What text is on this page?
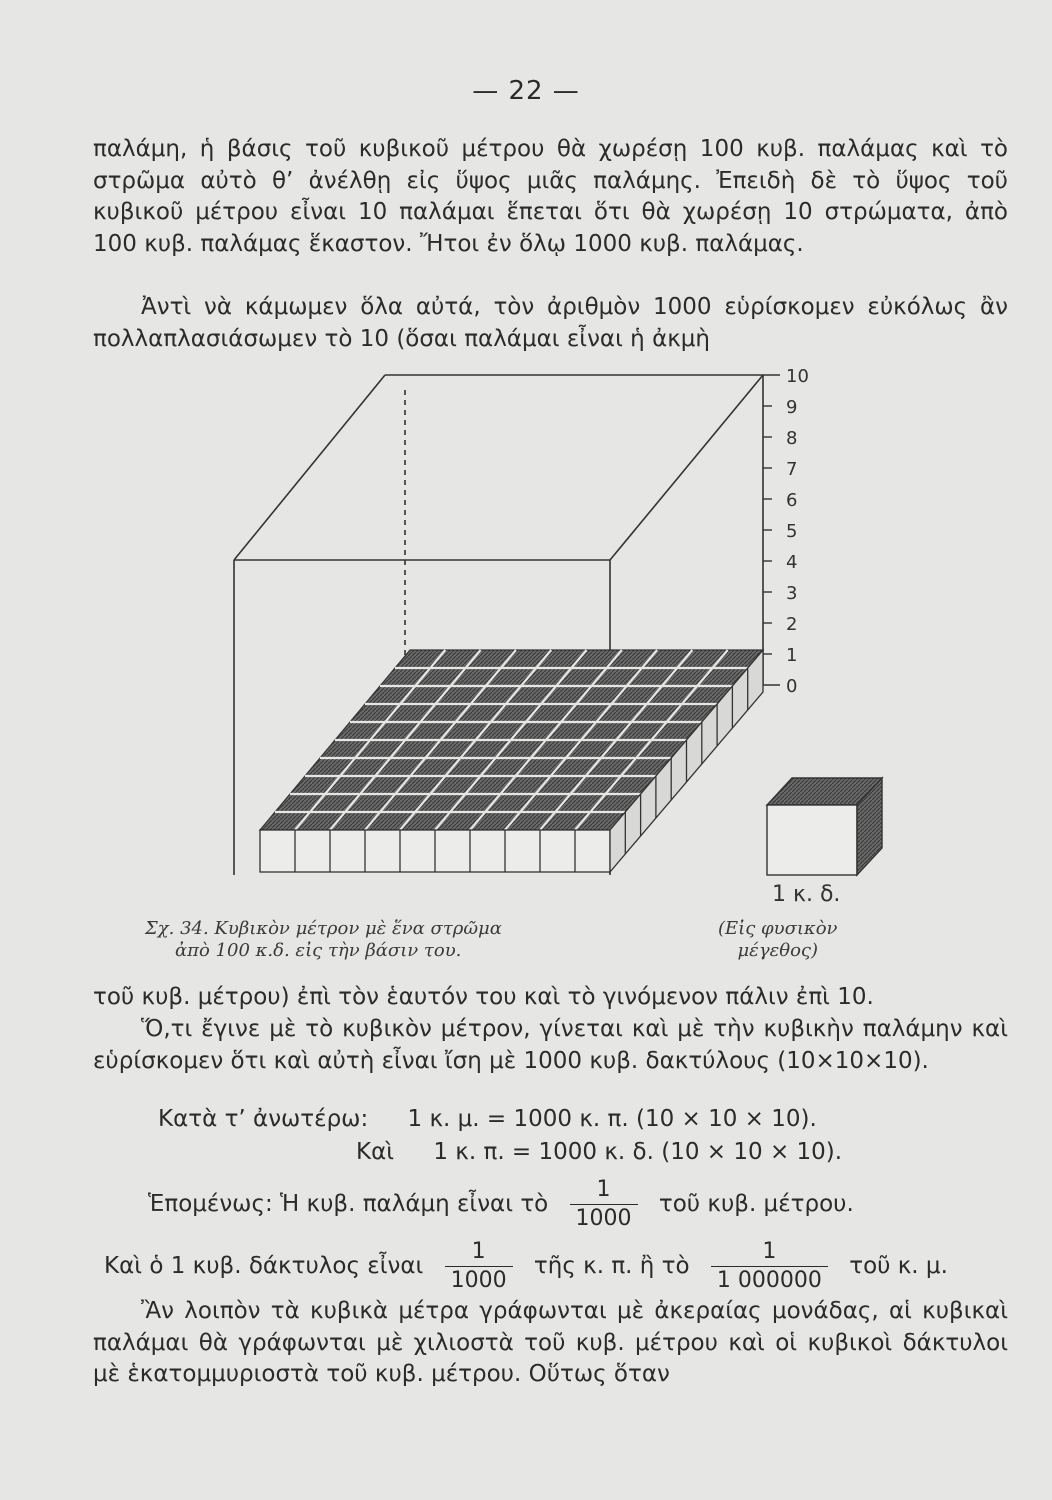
— 22 —

παλάμη, ἡ βάσις τοῦ κυβικοῦ μέτρου θὰ χωρέσῃ 100 κυβ. παλάμας καὶ τὸ στρῶμα αὐτὸ θ’ ἀνέλθῃ εἰς ὕψος μιᾶς παλάμης. Ἐπειδὴ δὲ τὸ ὕψος τοῦ κυβικοῦ μέτρου εἶναι 10 παλάμαι ἕπεται ὅτι θὰ χωρέσῃ 10 στρώματα, ἀπὸ 100 κυβ. παλάμας ἕκαστον. Ἤτοι ἐν ὅλῳ 1000 κυβ. παλάμας.

Ἀντὶ νὰ κάμωμεν ὅλα αὐτά, τὸν ἀριθμὸν 1000 εὑρίσκομεν εὐκόλως ἂν πολλαπλασιάσωμεν τὸ 10 (ὅσαι παλάμαι εἶναι ἡ ἀκμὴ

10
9
8
7
6
5
4
3
2
1
0
1 κ. δ.
Σχ. 34. Κυβικὸν μέτρον μὲ ἕνα στρῶμα
ἀπὸ 100 κ.δ. εἰς τὴν βάσιν του.
(Εἰς φυσικὸν
μέγεθος)

τοῦ κυβ. μέτρου) ἐπὶ τὸν ἑαυτόν του καὶ τὸ γινόμενον πάλιν ἐπὶ 10.

Ὅ,τι ἔγινε μὲ τὸ κυβικὸν μέτρον, γίνεται καὶ μὲ τὴν κυβικὴν παλάμην καὶ εὑρίσκομεν ὅτι καὶ αὐτὴ εἶναι ἴση μὲ 1000 κυβ. δακτύλους (10×10×10).

Κατὰ τ’ ἀνωτέρω: 1 κ. μ. = 1000 κ. π. (10 × 10 × 10).
Καὶ 1 κ. π. = 1000 κ. δ. (10 × 10 × 10).
Ἑπομένως: Ἡ κυβ. παλάμη εἶναι τὸ $\frac{1}{1000}$ τοῦ κυβ. μέτρου.
Καὶ ὁ 1 κυβ. δάκτυλος εἶναι $\frac{1}{1000}$ τῆς κ. π. ἢ τὸ $\frac{1}{1 000000}$ τοῦ κ. μ.

Ἂν λοιπὸν τὰ κυβικὰ μέτρα γράφωνται μὲ ἀκεραίας μονάδας, αἱ κυβικαὶ παλάμαι θὰ γράφωνται μὲ χιλιοστὰ τοῦ κυβ. μέτρου καὶ οἱ κυβικοὶ δάκτυλοι μὲ ἑκατομμυριοστὰ τοῦ κυβ. μέτρου. Οὕτως ὅταν
